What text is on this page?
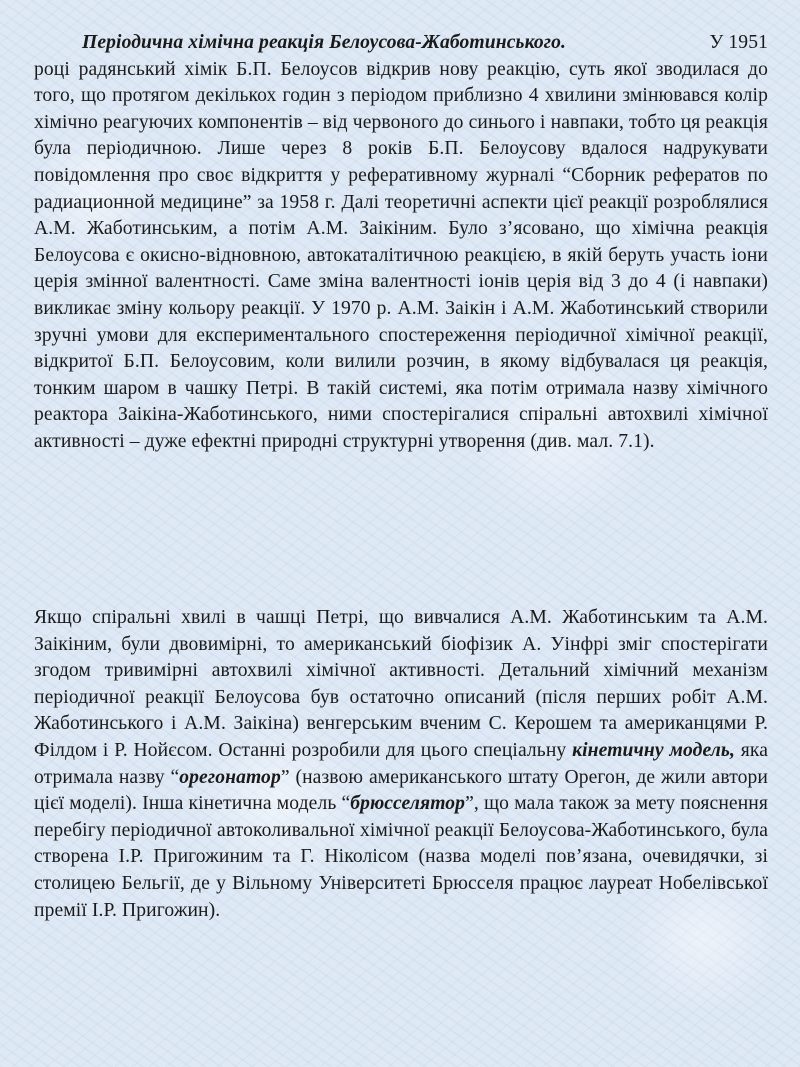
Періодична хімічна реакція Белоусова-Жаботинського.	У 1951
році радянський хімік Б.П. Белоусов відкрив нову реакцію, суть якої зводилася до того, що протягом декількох годин з періодом приблизно 4 хвилини змінювався колір хімічно реагуючих компонентів – від червоного до синього і навпаки, тобто ця реакція була періодичною. Лише через 8 років Б.П. Белоусову вдалося надрукувати повідомлення про своє відкриття у реферативному журналі “Сборник рефератов по радиационной медицине” за 1958 г. Далі теоретичні аспекти цієї реакції розроблялися А.М. Жаботинським, а потім А.М. Заікіним. Було з’ясовано, що хімічна реакція Белоусова є окисно-відновною, автокаталітичною реакцією, в якій беруть участь іони церія змінної валентності. Саме зміна валентності іонів церія від 3 до 4 (і навпаки) викликає зміну кольору реакції. У 1970 р. А.М. Заікін і А.М. Жаботинський створили зручні умови для експериментального спостереження періодичної хімічної реакції, відкритої Б.П. Белоусовим, коли вилили розчин, в якому відбувалася ця реакція, тонким шаром в чашку Петрі. В такій системі, яка потім отримала назву хімічного реактора Заікіна-Жаботинського, ними спостерігалися спіральні автохвилі хімічної активності – дуже ефектні природні структурні утворення (див. мал. 7.1).
Якщо спіральні хвилі в чашці Петрі, що вивчалися А.М. Жаботинським та А.М. Заікіним, були двовимірні, то американський біофізик А. Уінфрі зміг спостерігати згодом тривимірні автохвилі хімічної активності. Детальний хімічний механізм періодичної реакції Белоусова був остаточно описаний (після перших робіт А.М. Жаботинського і А.М. Заікіна) венгерським вченим С. Керошем та американцями Р. Філдом і Р. Нойєсом. Останні розробили для цього спеціальну кінетичну модель, яка отримала назву “орегонатор” (назвою американського штату Орегон, де жили автори цієї моделі). Інша кінетична модель “брюсселятор”, що мала також за мету пояснення перебігу періодичної автоколивальної хімічної реакції Белоусова-Жаботинського, була створена І.Р. Пригожиним та Г. Ніколісом (назва моделі пов’язана, очевидячки, зі столицею Бельгії, де у Вільному Університеті Брюсселя працює лауреат Нобелівської премії І.Р. Пригожин).
